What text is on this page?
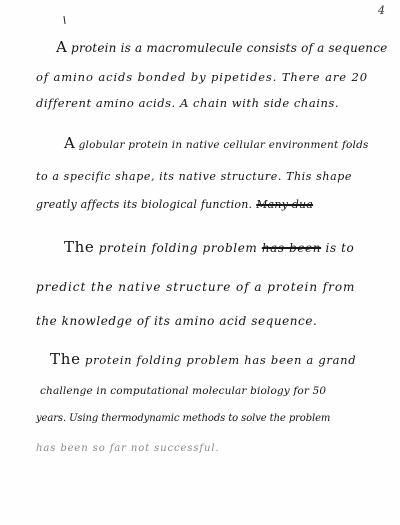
4
A protein is a macromulecule consists of a sequence
of amino acids bonded by pipetides. There are 20
different amino acids. A chain with side chains.
A globular protein in native cellular environment folds
to a specific shape, its native structure. This shape
greatly affects its biological function. Many dua
The protein folding problem has been is to
predict the native structure of a protein from
the knowledge of its amino acid sequence.
The protein folding problem has been a grand
challenge in computational molecular biology for 50
years. Using thermodynamic methods to solve the problem
has been so far not successful.
